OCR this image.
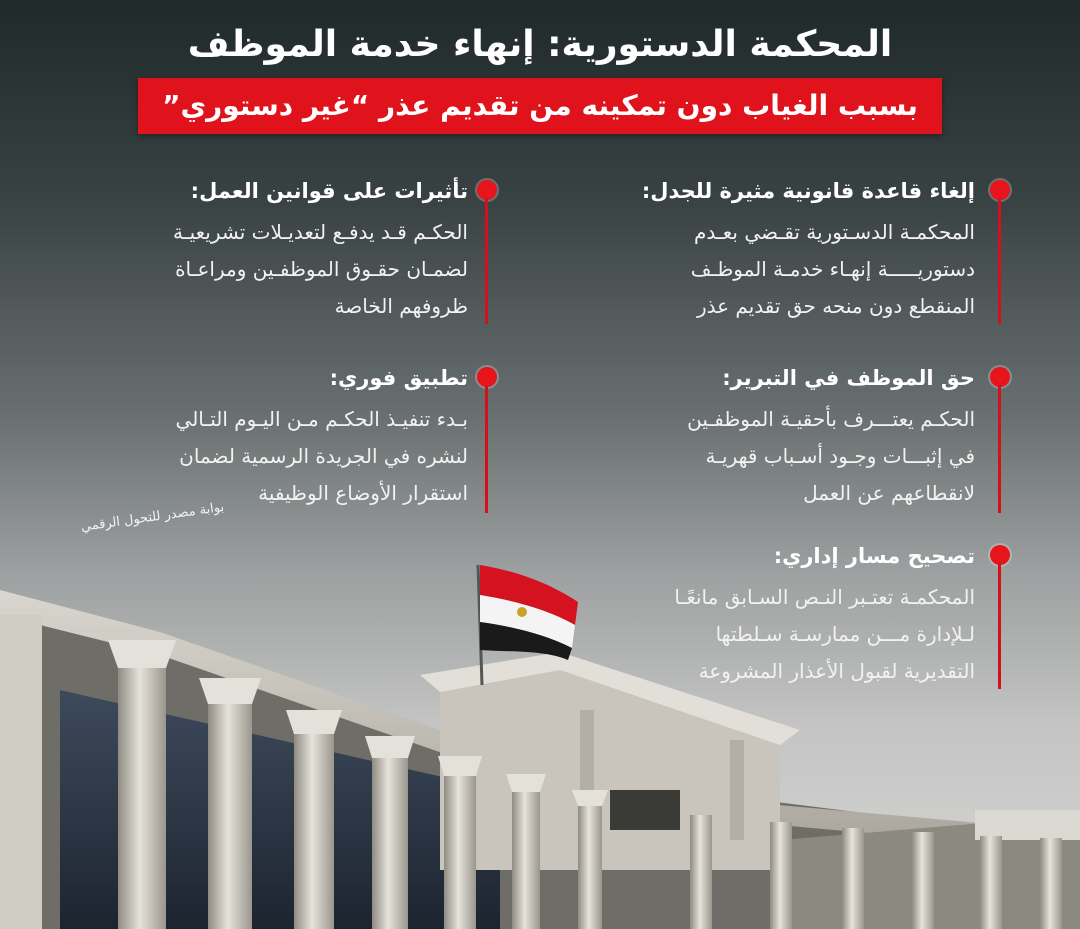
المحكمة الدستورية: إنهاء خدمة الموظف
بسبب الغياب دون تمكينه من تقديم عذر “غير دستوري”
إلغاء قاعدة قانونية مثيرة للجدل:
المحكمـة الدسـتورية تقـضي بعـدم
دستوريـــــة إنهـاء خدمـة الموظـف
المنقطع دون منحه حق تقديم عذر
حق الموظف في التبرير:
الحكـم يعتـــرف بأحقيـة الموظفـين
في إثبـــات وجـود أسـباب قهريـة
لانقطاعهم عن العمل
تصحيح مسار إداري:
المحكمـة تعتـبر النـص السـابق مانعًـا
لـلإدارة مـــن ممارسـة سـلطتها
التقديرية لقبول الأعذار المشروعة
تأثيرات على قوانين العمل:
الحكـم قـد يدفـع لتعديـلات تشريعيـة
لضمـان حقـوق الموظفـين ومراعـاة
ظروفهم الخاصة
تطبيق فوري:
بـدء تنفيـذ الحكـم مـن اليـوم التـالي
لنشره في الجريدة الرسمية لضمان
استقرار الأوضاع الوظيفية
بوابة مصدر للتحول الرقمي
